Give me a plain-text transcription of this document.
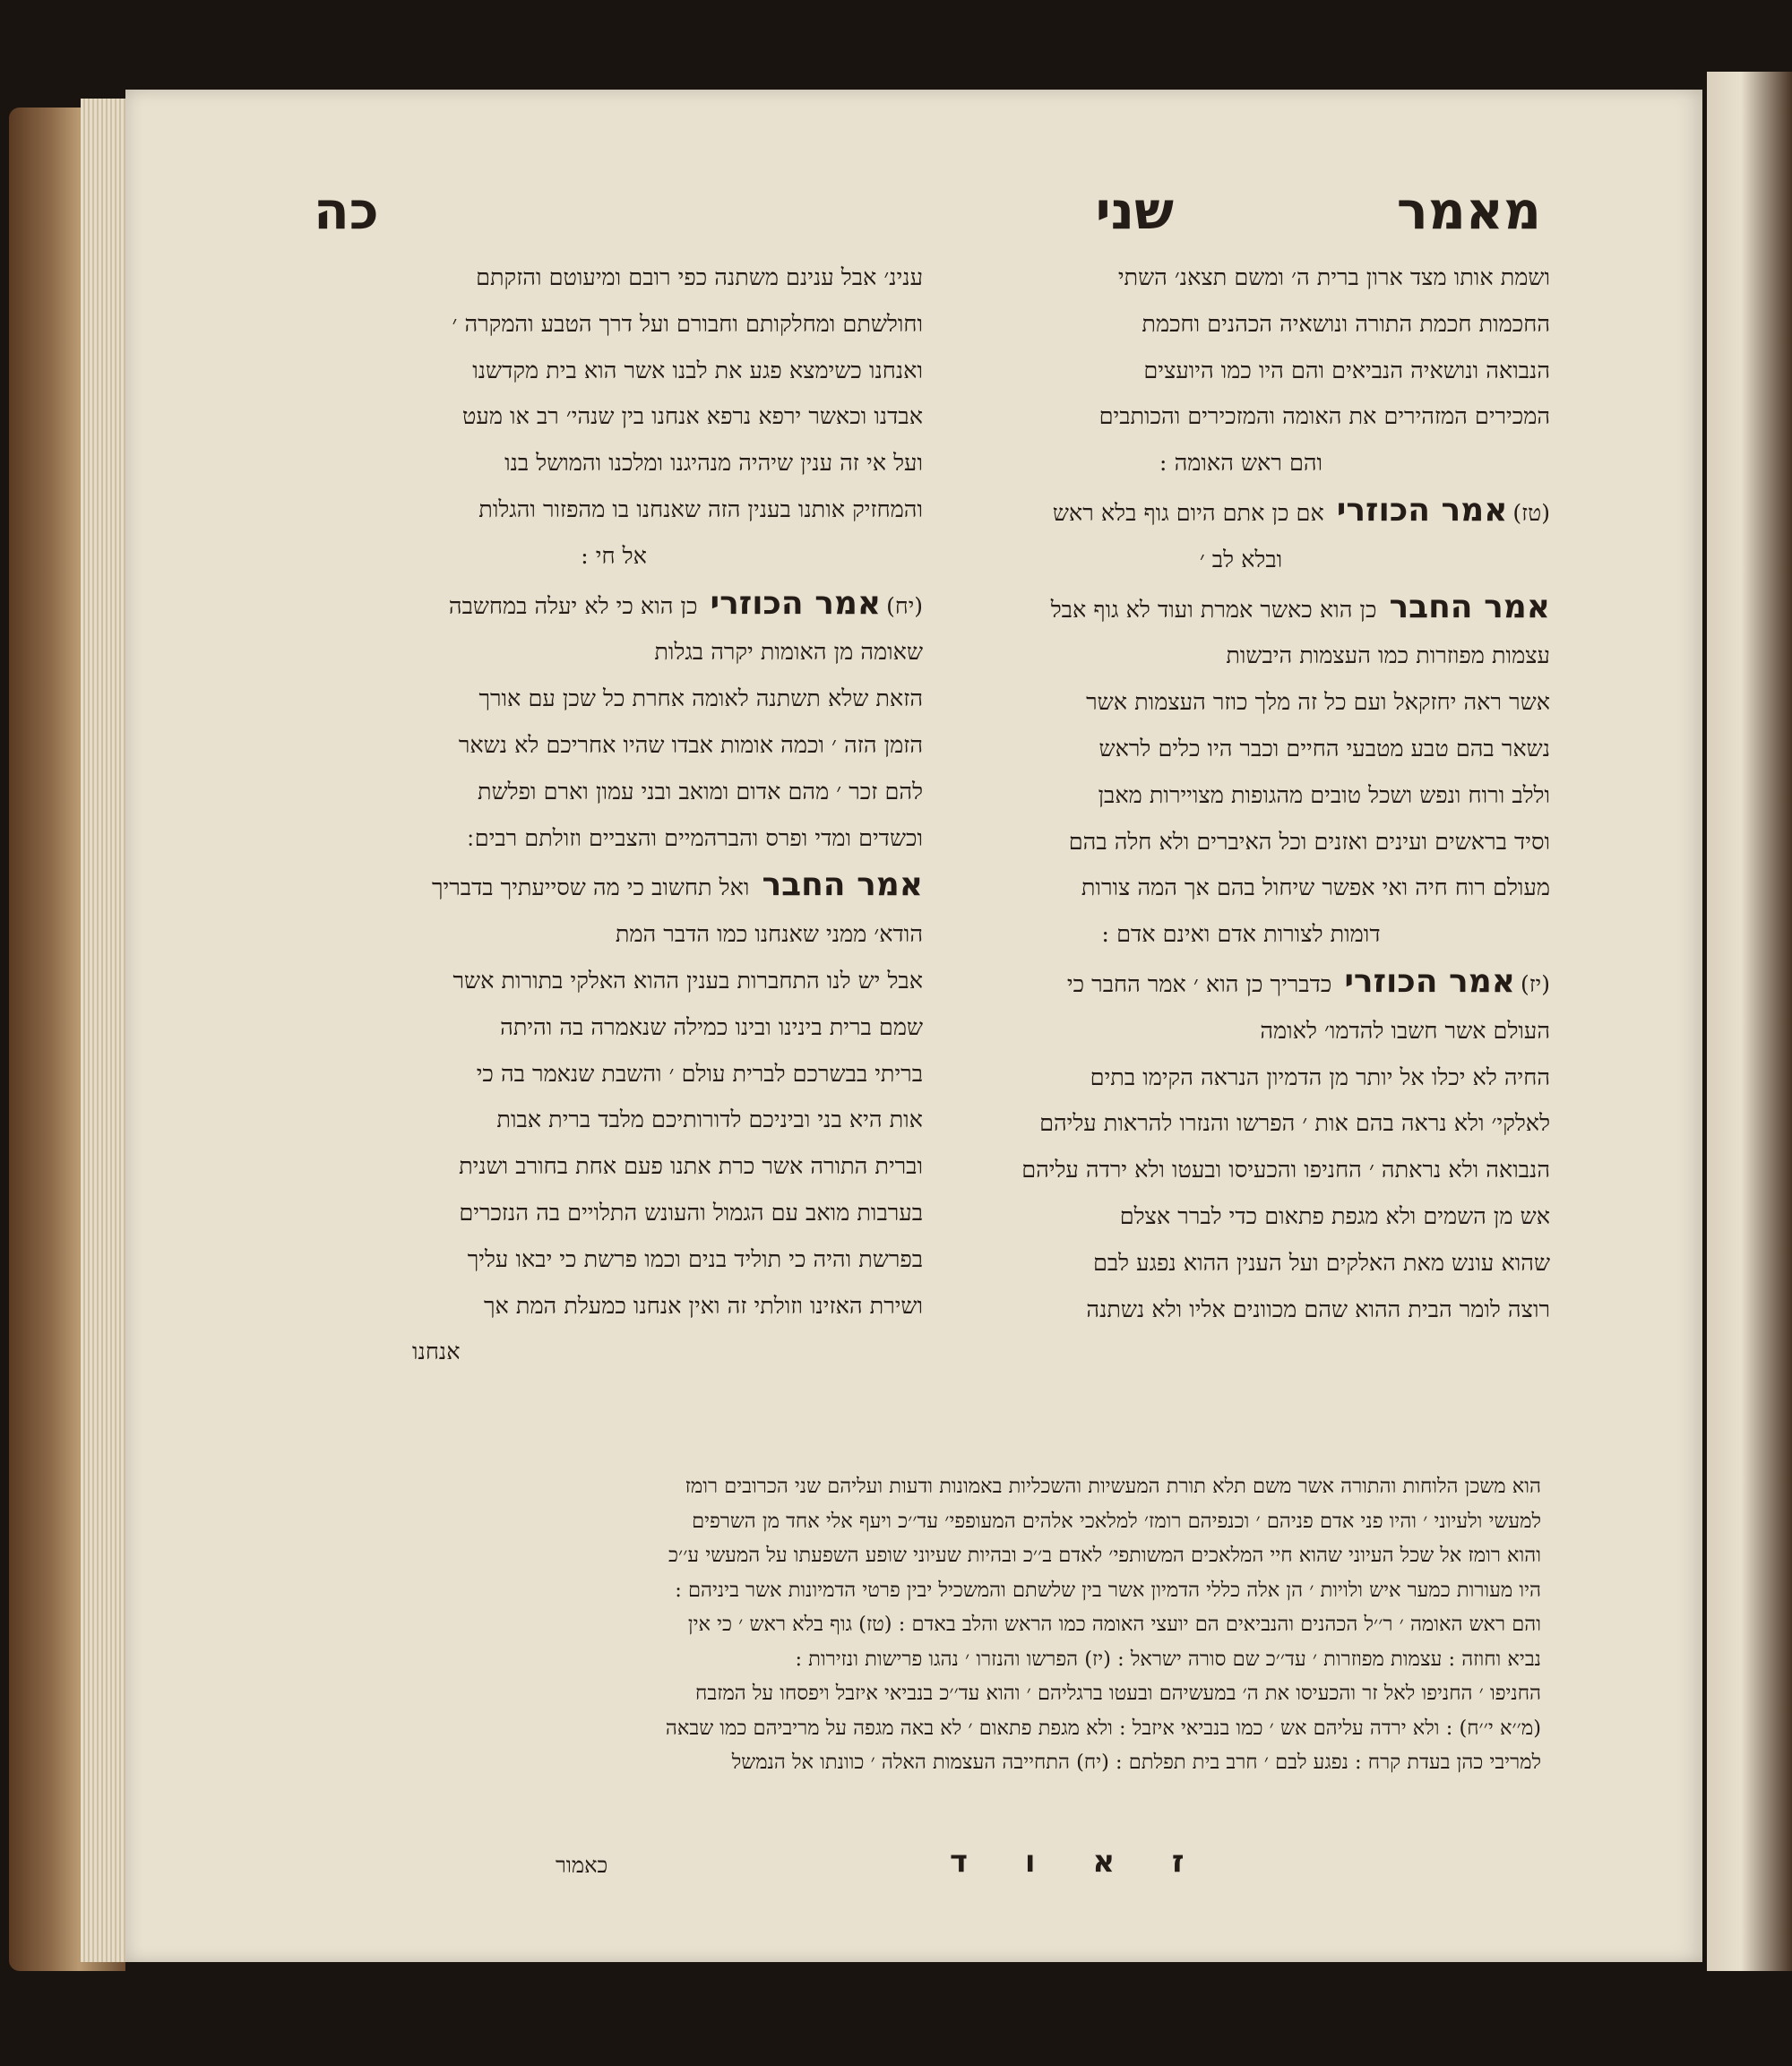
מאמר
שני
כה

ושמת אותו מצד ארון ברית ה׳ ומשם תצאנ׳ השתי

החכמות חכמת התורה ונושאיה הכהנים וחכמת

הנבואה ונושאיה הנביאים והם היו כמו היועצים

המכירים המזהירים את האומה והמזכירים והכותבים

והם ראש האומה :

(טז)
אמר הכוזרי
אם כן אתם היום גוף בלא ראש

ובלא לב ׳

אמר החבר
כן הוא כאשר אמרת ועוד לא גוף אבל

עצמות מפוזרות כמו העצמות היבשות

אשר ראה יחזקאל ועם כל זה מלך כוזר העצמות אשר

נשאר בהם טבע מטבעי החיים וכבר היו כלים לראש

וללב ורוח ונפש ושכל טובים מהגופות מצויירות מאבן

וסיד בראשים ועינים ואזנים וכל האיברים ולא חלה בהם

מעולם רוח חיה ואי אפשר שיחול בהם אך המה צורות

דומות לצורות אדם ואינם אדם :

(יז)
אמר הכוזרי
כדבריך כן הוא ׳ אמר החבר כי

העולם אשר חשבו להדמו׳ לאומה

החיה לא יכלו אל יותר מן הדמיון הנראה הקימו בתים

לאלקי׳ ולא נראה בהם אות ׳ הפרשו והנזרו להראות עליהם

הנבואה ולא נראתה ׳ החניפו והכעיסו ובעטו ולא ירדה עליהם

אש מן השמים ולא מגפת פתאום כדי לברר אצלם

שהוא עונש מאת האלקים ועל הענין ההוא נפגע לבם

רוצה לומר הבית ההוא שהם מכוונים אליו ולא נשתנה

ענינ׳ אבל ענינם משתנה כפי רובם ומיעוטם והזקתם

וחולשתם ומחלקותם וחבורם ועל דרך הטבע והמקרה ׳

ואנחנו כשימצא פגע את לבנו אשר הוא בית מקדשנו

אבדנו וכאשר ירפא נרפא אנחנו בין שנהי׳ רב או מעט

ועל אי זה ענין שיהיה מנהיגנו ומלכנו והמושל בנו

והמחזיק אותנו בענין הזה שאנחנו בו מהפזור והגלות

אל חי :

(יח)
אמר הכוזרי
כן הוא כי לא יעלה במחשבה

שאומה מן האומות יקרה בגלות

הזאת שלא תשתנה לאומה אחרת כל שכן עם אורך

הזמן הזה ׳ וכמה אומות אבדו שהיו אחריכם לא נשאר

להם זכר ׳ מהם אדום ומואב ובני עמון וארם ופלשת

וכשדים ומדי ופרס והברהמיים והצביים וזולתם רבים ׃

אמר החבר
ואל תחשוב כי מה שסייעתיך בדבריך

הודא׳ ממני שאנחנו כמו הדבר המת

אבל יש לנו התחברות בענין ההוא האלקי בתורות אשר

שמם ברית בינינו ובינו כמילה שנאמרה בה והיתה

בריתי בבשרכם לברית עולם ׳ והשבת שנאמר בה כי

אות היא בני וביניכם לדורותיכם מלבד ברית אבות

וברית התורה אשר כרת אתנו פעם אחת בחורב ושנית

בערבות מואב עם הגמול והעונש התלויים בה הנזכרים

בפרשת והיה כי תוליד בנים וכמו פרשת כי יבאו עליך

ושירת האזינו וזולתי זה ואין אנחנו כמעלת המת אך

אנחנו

הוא משכן הלוחות והתורה אשר משם תלא תורת המעשיות והשכליות באמונות ודעות ועליהם שני הכרובים רומז

למעשי ולעיוני ׳ והיו פני אדם פניהם ׳ וכנפיהם רומז׳ למלאכי אלהים המעופפי׳ עד׳׳כ ויעף אלי אחד מן השרפים

והוא רומז אל שכל העיוני שהוא חיי המלאכים המשותפי׳ לאדם ב׳׳כ ובהיות שעיוני שופע השפעתו על המעשי ע׳׳כ

היו מעורות כמער איש ולויות ׳ הן אלה כללי הדמיון אשר בין שלשתם והמשכיל יבין פרטי הדמיונות אשר ביניהם :

והם ראש האומה ׳ ר׳׳ל הכהנים והנביאים הם יועצי האומה כמו הראש והלב באדם : (טז) גוף בלא ראש ׳ כי אין

נביא וחוזה : עצמות מפוזרות ׳ עד׳׳כ שם סורה ישראל : (יז) הפרשו והנזרו ׳ נהגו פרישות ונזירות :

החניפו ׳ החניפו לאל זר והכעיסו את ה׳ במעשיהם ובעטו ברגליהם ׳ והוא עד׳׳כ בנביאי איזבל ויפסחו על המזבח

(מ׳׳א י׳׳ח) : ולא ירדה עליהם אש ׳ כמו בנביאי איזבל : ולא מגפת פתאום ׳ לא באה מגפה על מריביהם כמו שבאה

למריבי כהן בעדת קרח : נפגע לבם ׳ חרב בית תפלתם : (יח) התחייבה העצמות האלה ׳ כוונתו אל הנמשל

כאמור	ז א ו ד
